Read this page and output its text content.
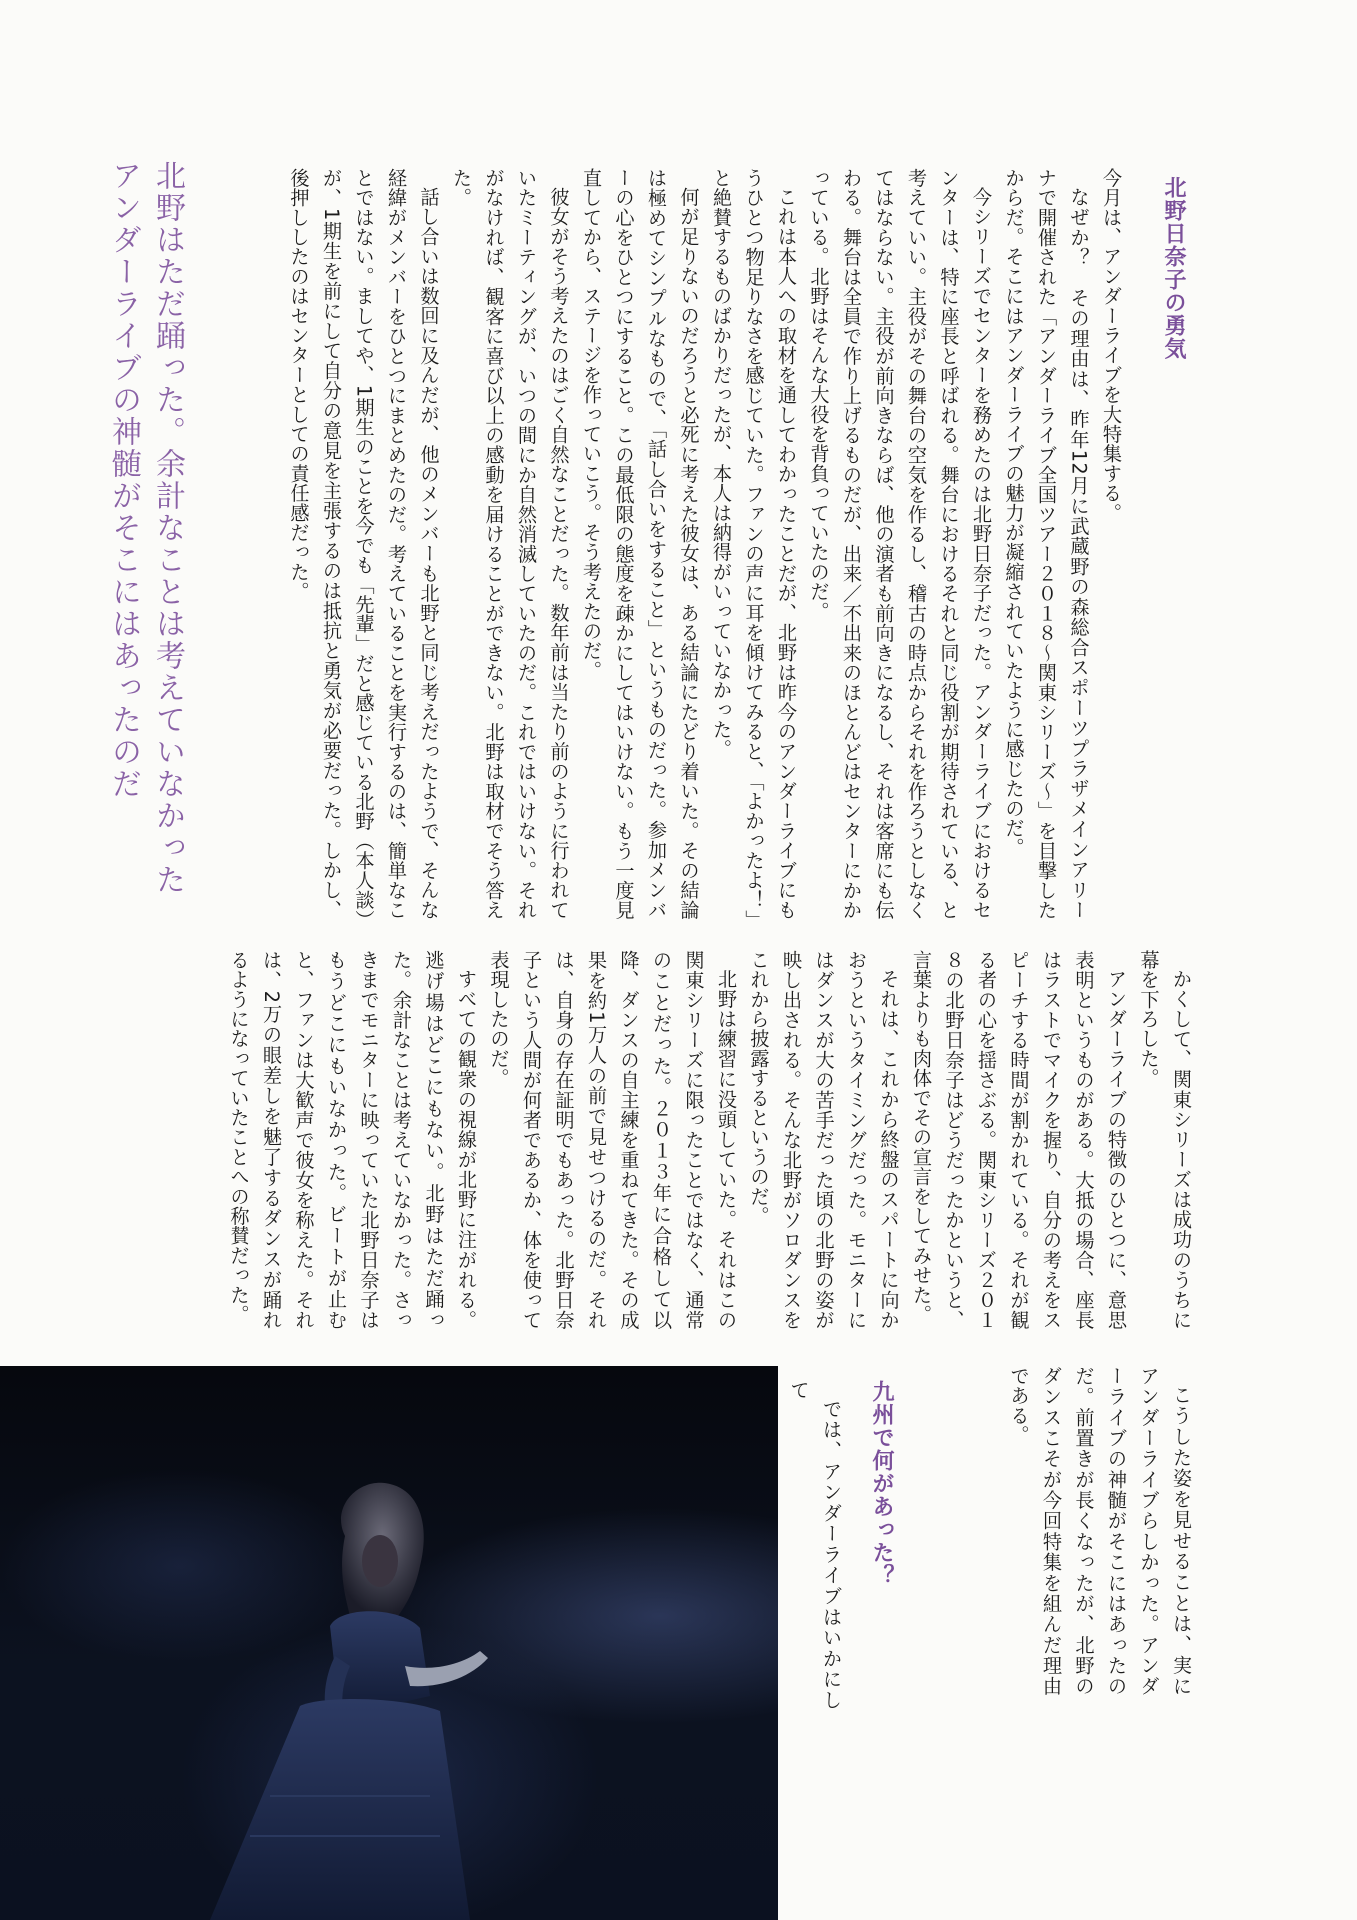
北野日奈子の勇気

今月は、アンダーライブを大特集する。

なぜか？　その理由は、昨年12月に武蔵野の森総合スポーツプラザメインアリーナで開催された「アンダーライブ全国ツアー２０１８～関東シリーズ～」を目撃したからだ。そこにはアンダーライブの魅力が凝縮されていたように感じたのだ。

今シリーズでセンターを務めたのは北野日奈子だった。アンダーライブにおけるセンターは、特に座長と呼ばれる。舞台におけるそれと同じ役割が期待されている、と考えていい。主役がその舞台の空気を作るし、稽古の時点からそれを作ろうとしなくてはならない。主役が前向きならば、他の演者も前向きになるし、それは客席にも伝わる。舞台は全員で作り上げるものだが、出来／不出来のほとんどはセンターにかかっている。北野はそんな大役を背負っていたのだ。

これは本人への取材を通してわかったことだが、北野は昨今のアンダーライブにもうひとつ物足りなさを感じていた。ファンの声に耳を傾けてみると、「よかったよ！」と絶賛するものばかりだったが、本人は納得がいっていなかった。

何が足りないのだろうと必死に考えた彼女は、ある結論にたどり着いた。その結論は極めてシンプルなもので、「話し合いをすること」というものだった。参加メンバーの心をひとつにすること。この最低限の態度を疎かにしてはいけない。もう一度見直してから、ステージを作っていこう。そう考えたのだ。

彼女がそう考えたのはごく自然なことだった。数年前は当たり前のように行われていたミーティングが、いつの間にか自然消滅していたのだ。これではいけない。それがなければ、観客に喜び以上の感動を届けることができない。北野は取材でそう答えた。

話し合いは数回に及んだが、他のメンバーも北野と同じ考えだったようで、そんな経緯がメンバーをひとつにまとめたのだ。考えていることを実行するのは、簡単なことではない。ましてや、1期生のことを今でも「先輩」だと感じている北野（本人談）が、1期生を前にして自分の意見を主張するのは抵抗と勇気が必要だった。しかし、後押ししたのはセンターとしての責任感だった。

北野はただ踊った。余計なことは考えていなかった
アンダーライブの神髄がそこにはあったのだ

かくして、関東シリーズは成功のうちに幕を下ろした。

アンダーライブの特徴のひとつに、意思表明というものがある。大抵の場合、座長はラストでマイクを握り、自分の考えをスピーチする時間が割かれている。それが観る者の心を揺さぶる。関東シリーズ２０１８の北野日奈子はどうだったかというと、言葉よりも肉体でその宣言をしてみせた。

それは、これから終盤のスパートに向かおうというタイミングだった。モニターにはダンスが大の苦手だった頃の北野の姿が映し出される。そんな北野がソロダンスをこれから披露するというのだ。

北野は練習に没頭していた。それはこの関東シリーズに限ったことではなく、通常のことだった。２０１３年に合格して以降、ダンスの自主練を重ねてきた。その成果を約1万人の前で見せつけるのだ。それは、自身の存在証明でもあった。北野日奈子という人間が何者であるか、体を使って表現したのだ。

すべての観衆の視線が北野に注がれる。逃げ場はどこにもない。北野はただ踊った。余計なことは考えていなかった。さっきまでモニターに映っていた北野日奈子はもうどこにもいなかった。ビートが止むと、ファンは大歓声で彼女を称えた。それは、2万の眼差しを魅了するダンスが踊れるようになっていたことへの称賛だった。

こうした姿を見せることは、実にアンダーライブらしかった。アンダーライブの神髄がそこにはあったのだ。前置きが長くなったが、北野のダンスこそが今回特集を組んだ理由である。

九州で何があった？

では、アンダーライブはいかにして
